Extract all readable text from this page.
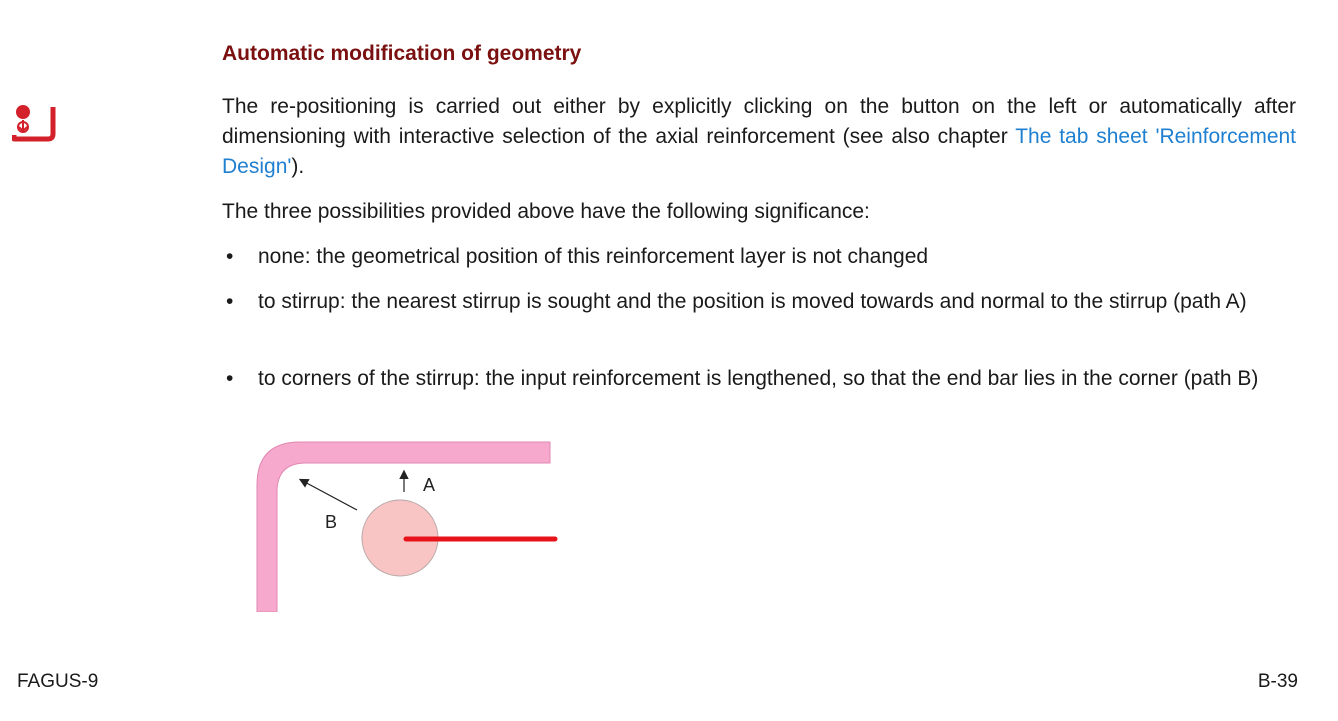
Automatic modification of geometry

The re-positioning is carried out either by explicitly clicking on the button on the left or automatically after dimensioning with interactive selection of the axial reinforcement (see also chapter The tab sheet 'Reinforcement Design').

The three possibilities provided above have the following significance:

•	none: the geometrical position of this reinforcement layer is not changed
•	to stirrup: the nearest stirrup is sought and the position is moved towards and normal to the stirrup (path A)
•	to corners of the stirrup: the input reinforcement is lengthened, so that the end bar lies in the corner (path B)
A
B
FAGUS-9	B-39
